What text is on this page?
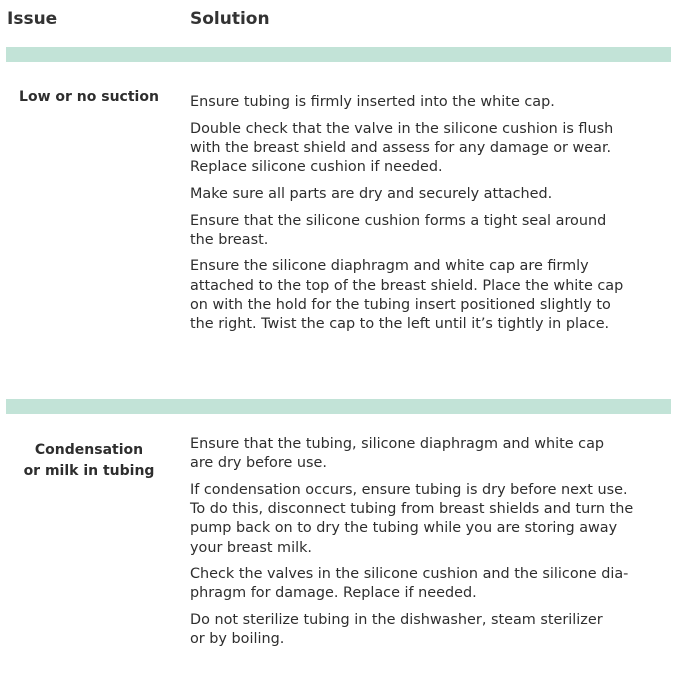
Issue	Solution
Low or no suction	Ensure tubing is firmly inserted into the white cap.

Double check that the valve in the silicone cushion is flush
with the breast shield and assess for any damage or wear.
Replace silicone cushion if needed.

Make sure all parts are dry and securely attached.

Ensure that the silicone cushion forms a tight seal around
the breast.

Ensure the silicone diaphragm and white cap are firmly
attached to the top of the breast shield. Place the white cap
on with the hold for the tubing insert positioned slightly to
the right. Twist the cap to the left until it’s tightly in place.

Condensation
or milk in tubing

Ensure that the tubing, silicone diaphragm and white cap
are dry before use.

If condensation occurs, ensure tubing is dry before next use.
To do this, disconnect tubing from breast shields and turn the
pump back on to dry the tubing while you are storing away
your breast milk.

Check the valves in the silicone cushion and the silicone dia-
phragm for damage. Replace if needed.

Do not sterilize tubing in the dishwasher, steam sterilizer
or by boiling.
